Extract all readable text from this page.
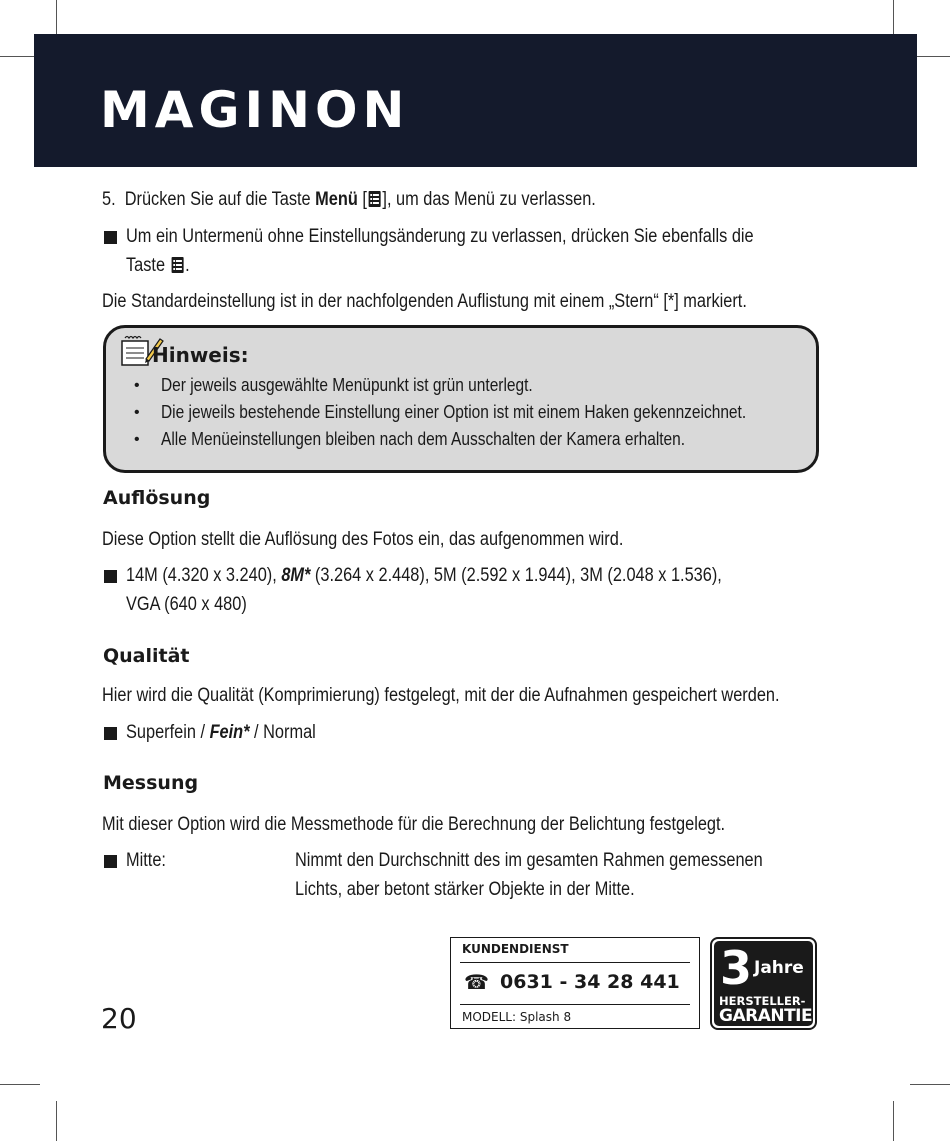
MAGINON
5. Drücken Sie auf die Taste Menü [ ], um das Menü zu verlassen.
Um ein Untermenü ohne Einstellungsänderung zu verlassen, drücken Sie ebenfalls die
Taste .
Die Standardeinstellung ist in der nachfolgenden Auflistung mit einem „Stern“ [*] markiert.
Hinweis:
• Der jeweils ausgewählte Menüpunkt ist grün unterlegt.
• Die jeweils bestehende Einstellung einer Option ist mit einem Haken gekennzeichnet.
• Alle Menüeinstellungen bleiben nach dem Ausschalten der Kamera erhalten.
Auflösung
Diese Option stellt die Auflösung des Fotos ein, das aufgenommen wird.
14M (4.320 x 3.240), 8M* (3.264 x 2.448), 5M (2.592 x 1.944), 3M (2.048 x 1.536),
VGA (640 x 480)
Qualität
Hier wird die Qualität (Komprimierung) festgelegt, mit der die Aufnahmen gespeichert werden.
Superfein / Fein* / Normal
Messung
Mit dieser Option wird die Messmethode für die Berechnung der Belichtung festgelegt.
Mitte:	Nimmt den Durchschnitt des im gesamten Rahmen gemessenen
Lichts, aber betont stärker Objekte in der Mitte.
20
KUNDENDIENST
☎ 0631 - 34 28 441
MODELL: Splash 8
3 Jahre
HERSTELLER-
GARANTIE
